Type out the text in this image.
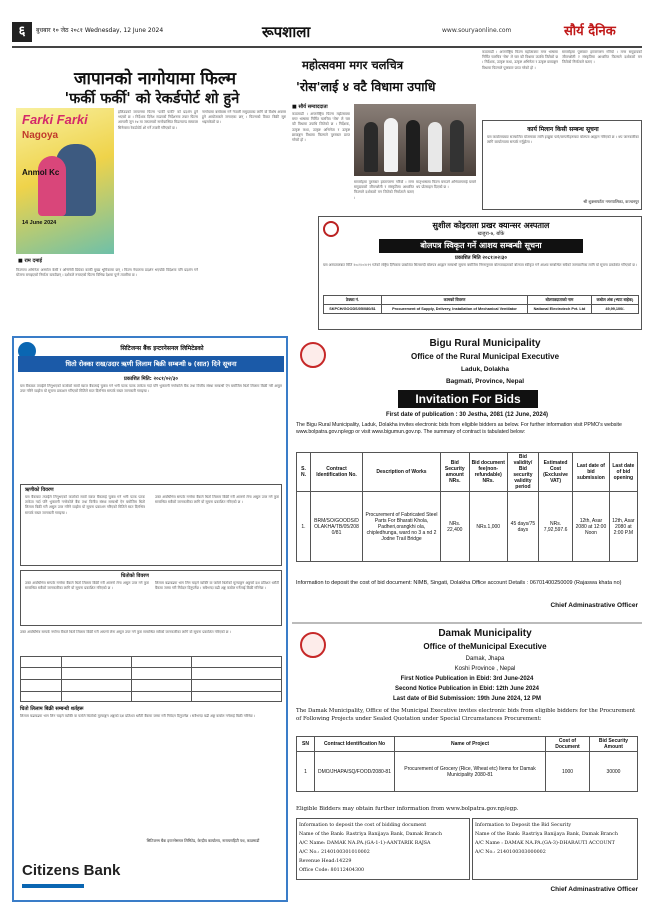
६	बुधबार १० जेठ २०८१ Wednesday, 12 June 2024	रूपशाला	www.souryaonline.com	सौर्य दैनिक
जापानको नागोयामा फिल्म
'फर्की फर्की' को रेकर्डपोर्ट शो हुने
Farki Farki
Nagoya
Anmol Kc
14 June 2024
हलिउडको जापानमा फिल्म 'फर्की फर्की' को प्रदर्शन हुने भएको छ । निर्देशक दिनेश राउतको निर्देशनमा तयार फिल्म आगामी जुन १४ मा जापानको नागोयास्थित मिडल्यान्ड स्क्वायर सिनेमामा रेकर्डपोर्ट शो गर्ने तयारी गरिएको छ ।
नागोयामा बसोबास गर्ने नेपाली समुदायका लागि यो विशेष अवसर हुने आयोजकले जनाएका छन् । फिल्मको टिकट बिक्री सुरु भइसकेको छ ।
■ राम दमाई
फिल्ममा अभिनेता अनमोल केसी र अभिनेत्री प्रियंका कार्की मुख्य भूमिकामा छन् । फिल्म नेपालमा प्रदर्शन भएपछि विदेशमा पनि प्रदर्शन गर्ने योजना बनाइएको निर्माता बताउँछन् । दर्शकले रुचाएको फिल्म विभिन्न देशमा पुग्ने तयारीमा छ ।
महोत्सवमा मगर चलचित्र
'रोस'लाई ४ वटै विधामा उपाधि
■ सौर्य सम्वाददाता
काठमाडौं । अन्तर्राष्ट्रिय फिल्म महोत्सवमा मगर भाषामा निर्मित चलचित्र 'रोस' ले चार वटै विधामा उपाधि जितेको छ । निर्देशक, उत्कृष्ट कथा, उत्कृष्ट अभिनेता र उत्कृष्ट छायाङ्कन विधामा फिल्मले पुरस्कार प्राप्त गरेको हो ।
समारोहमा पुरस्कार हस्तान्तरण गरियो । मगर समुदायको जीवनशैली र संस्कृतिमा आधारित फिल्मले दर्शकको मन जितेको निर्माताले बताए ।
मातृभाषामा फिल्म बनाउने अभियानलाई यसले थप प्रोत्साहन दिएको छ ।
काठमाडौं । अन्तर्राष्ट्रिय फिल्म महोत्सवमा मगर भाषामा निर्मित चलचित्र 'रोस' ले चार वटै विधामा उपाधि जितेको छ । निर्देशक, उत्कृष्ट कथा, उत्कृष्ट अभिनेता र उत्कृष्ट छायाङ्कन विधामा फिल्मले पुरस्कार प्राप्त गरेको हो ।
समारोहमा पुरस्कार हस्तान्तरण गरियो । मगर समुदायको जीवनशैली र संस्कृतिमा आधारित फिल्मले दर्शकको मन जितेको निर्माताले बताए ।
कार्य मिलान किसी सम्बन्ध सूचना
यस कार्यालयबाट सञ्चालित योजनाका लागि इच्छुक फर्म/कम्पनीहरूबाट बोलपत्र आह्वान गरिएको छ । थप जानकारीका लागि कार्यालयमा सम्पर्क गर्नुहोला ।
श्री शुक्लाफाँटा नगरपालिका, कञ्चनपुर
सुशील कोइराला प्रखर क्यान्सर अस्पताल
खजुरा-७, बाँके
बोलपत्र स्विकृत गर्ने आशय सम्बन्धी सूचना
प्रकाशित मिति २०८१।०२।३०
यस अस्पतालबाट मिति २०८१।०२।१९ गतेको राष्ट्रिय दैनिकमा प्रकाशित सिलबन्दी बोलपत्र आह्वान सम्बन्धी सूचना बमोजिम निम्नानुसार बोलपत्रदाताको बोलपत्र स्वीकृत गर्ने आशय सम्बन्धित सबैको जानकारीका लागि यो सूचना प्रकाशित गरिएको छ ।
ठेक्का नं.	कामको विवरण	बोलपत्रदाताको नाम	कबोल अंक (भ्याट बाहेक)
SKPCH/GOODS/05/080/81	Procurement of Supply, Delivery, Installation of Mechanical Ventilator	National Electrotech Pvt. Ltd	49,99,100/-
सिटिजन्स बैंक इन्टरनेसनल लिमिटेडको
धितो रोक्का राख/उदार ऋणी लिलाम बिक्री सम्बन्धी ७ (सात) दिने सूचना
प्रकाशित मिति: २०८१/०२/३०
यस बैंकबाट तपाईंले लिनुभएको कर्जाको सावाँ ब्याज बैंकलाई चुक्ता गर्न भनी पटक पटक ताकेता गर्दा पनि भुक्तानी नगरेकोले बैंक तथा वित्तीय संस्था सम्बन्धी ऐन बमोजिम धितो लिलाम बिक्री गरी असुल उपर गरिने व्यहोरा यो सूचना प्रकाशन गरिएको मितिले सात दिनभित्र सम्पर्क राख्न जानकारी गराइन्छ ।
ऋणीको विवरण
यस बैंकबाट तपाईंले लिनुभएको कर्जाको सावाँ ब्याज बैंकलाई चुक्ता गर्न भनी पटक पटक ताकेता गर्दा पनि भुक्तानी नगरेकोले बैंक तथा वित्तीय संस्था सम्बन्धी ऐन बमोजिम धितो लिलाम बिक्री गरी असुल उपर गरिने व्यहोरा यो सूचना प्रकाशन गरिएको मितिले सात दिनभित्र सम्पर्क राख्न जानकारी गराइन्छ ।
उक्त अवधिभित्र सम्पर्क नगरेमा बैंकले धितो लिलाम बिक्री गरी आफ्नो लेना असुल उपर गर्ने कुरा सम्बन्धित सबैको जानकारीका लागि यो सूचना प्रकाशित गरिएको छ ।
धितोको विवरण
उक्त अवधिभित्र सम्पर्क नगरेमा बैंकले धितो लिलाम बिक्री गरी आफ्नो लेना असुल उपर गर्ने कुरा सम्बन्धित सबैको जानकारीका लागि यो सूचना प्रकाशित गरिएको छ ।
लिलाम बढाबढमा भाग लिन चाहने व्यक्ति वा फर्मले धितोको मूल्याङ्कन अङ्कको दश प्रतिशत धरौटी बैंकमा जम्मा गरी निवेदन दिनुपर्नेछ । सबैभन्दा बढी अङ्क कबोल गर्नेलाई बिक्री गरिनेछ ।
उक्त अवधिभित्र सम्पर्क नगरेमा बैंकले धितो लिलाम बिक्री गरी आफ्नो लेना असुल उपर गर्ने कुरा सम्बन्धित सबैको जानकारीका लागि यो सूचना प्रकाशित गरिएको छ ।
धितो लिलाम बिक्री सम्बन्धी शर्तहरू
लिलाम बढाबढमा भाग लिन चाहने व्यक्ति वा फर्मले धितोको मूल्याङ्कन अङ्कको दश प्रतिशत धरौटी बैंकमा जम्मा गरी निवेदन दिनुपर्नेछ । सबैभन्दा बढी अङ्क कबोल गर्नेलाई बिक्री गरिनेछ ।
सिटिजन्स बैंक इन्टरनेसनल लिमिटेड, केन्द्रीय कार्यालय, नारायणहिटी पथ, काठमाडौं
Citizens Bank
Bigu Rural Municipality
Office of the Rural Municipal Executive
Laduk, Dolakha
Bagmati, Province, Nepal
Invitation For Bids
First date of publication : 30 Jestha, 2081 (12 June, 2024)
The Bigu Rural Municipality, Laduk, Dolakha invites electronic bids from eligible bidders as below. For further information visit PPMO's website www.bolpatra.gov.np/egp or visit www.bigumun.gov.np. The summary of contract is tabulated below:
S. N.	Contract Identification No.	Description of Works	Bid Security amount NRs.	Bid document fee(non-refundable) NRs.	Bid validity/ Bid security validity period	Estimated Cost (Exclusive VAT)	Last date of bid submission	Last date of bid opening
1.	BRM/SO/GOODS/DOLAKHA/TB/05/2080/81	Procurement of Fabricated Steel Parts For Bharati Khola, Padheri,orangkhi ola, chipledhunga, ward no 3 a nd 2 Jodne Trail Bridge	NRs. 22,400	NRs.1,000	45 days/75 days	NRs. 7,92,597.6	12th, Asar 2080 at 12:00 Noon	12th, Asar 2080 at 2:00 P.M
Information to deposit the cost of bid document: NIMB, Singati, Dolakha Office account Details : 06701400250009 (Rajaswa khata no)
Chief Adminastrative Officer
Damak Municipality
Office of theMunicipal Executive
Damak, Jhapa
Koshi Province , Nepal
First Notice Publication in Ebid: 3rd June-2024
Second Notice Publication in Ebid: 12th June 2024
Last date of Bid Submission: 19th June 2024, 12 PM
The Damak Municipality, Office of the Municipal Executive invites electronic bids from eligible bidders for the Procurement of Following Projects under Sealed Quotation under Special Circumstances Procurement:
SN	Contract Identification No	Name of Project	Cost of Document	Bid Security Amount
1	DMO/JHAPA/SQ/FOOD/2080-81	Procurement of Grocery (Rice, Wheat etc) Items for Damak Municipality 2080-81	1000	30000
Eligible Bidders may obtain further information from www.bolpatra.gov.np/egp.
Information to deposit the cost of bidding document
Name of the Bank: Rastriya Banijaya Bank, Damak Branch
A/C Name: DAMAK NA.PA.(GA-1-1)-AANTARIK RAJSA
A/C No.: 2140100301010002
Revenue Head:14229
Office Code: 80112404300
Information to Deposit the Bid Security
Name of the Bank: Rastriya Banijaya Bank, Damak Branch
A/C Name : DAMAK NA.PA.(GA-3)-DHARAUTI ACCOUNT
A/C No.: 2140100303000002
Chief Adminastrative Officer
